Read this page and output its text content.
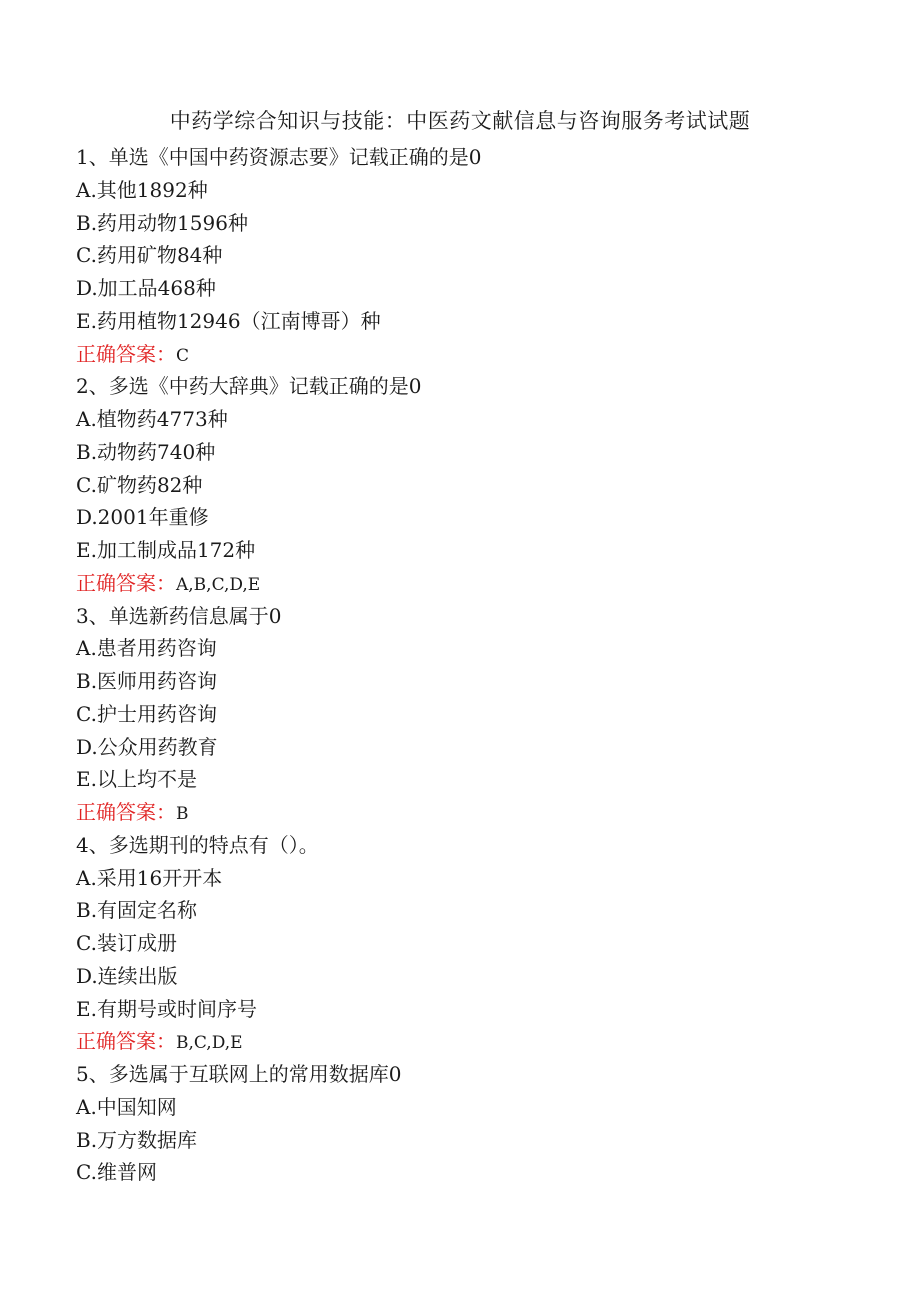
中药学综合知识与技能：中医药文献信息与咨询服务考试试题
1、单选《中国中药资源志要》记载正确的是0
A.其他1892种
B.药用动物1596种
C.药用矿物84种
D.加工品468种
E.药用植物12946（江南博哥）种
正确答案：C
2、多选《中药大辞典》记载正确的是0
A.植物药4773种
B.动物药740种
C.矿物药82种
D.2001年重修
E.加工制成品172种
正确答案：A,B,C,D,E
3、单选新药信息属于0
A.患者用药咨询
B.医师用药咨询
C.护士用药咨询
D.公众用药教育
E.以上均不是
正确答案：B
4、多选期刊的特点有（）。
A.采用16开开本
B.有固定名称
C.装订成册
D.连续出版
E.有期号或时间序号
正确答案：B,C,D,E
5、多选属于互联网上的常用数据库0
A.中国知网
B.万方数据库
C.维普网
